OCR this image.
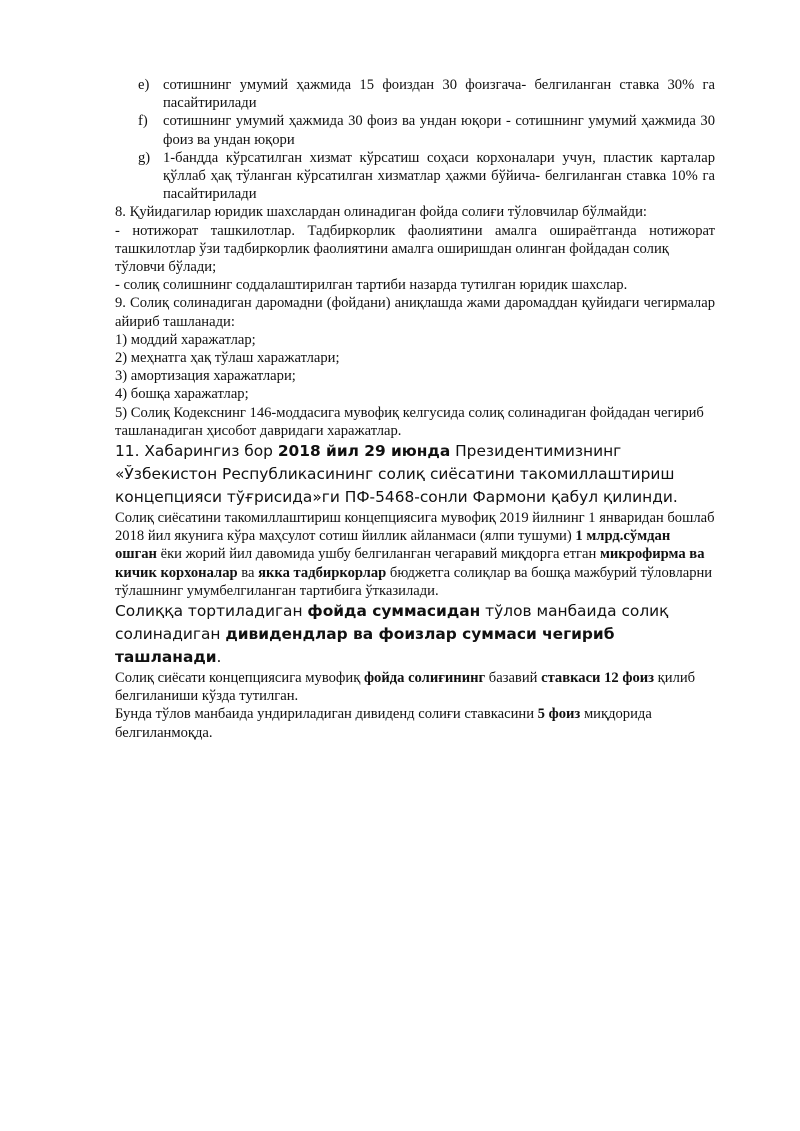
e) сотишнинг умумий ҳажмида 15 фоиздан 30 фоизгача- белгиланган ставка 30% га пасайтирилади

f) сотишнинг умумий ҳажмида 30 фоиз ва ундан юқори - сотишнинг умумий ҳажмида 30 фоиз ва ундан юқори

g) 1-бандда кўрсатилган хизмат кўрсатиш соҳаси корхоналари учун, пластик карталар қўллаб ҳақ тўланган кўрсатилган хизматлар ҳажми бўйича- белгиланган ставка 10% га пасайтирилади

8. Қуйидагилар юридик шахслардан олинадиган фойда солиғи тўловчилар бўлмайди:

- нотижорат ташкилотлар. Тадбиркорлик фаолиятини амалга ошираётганда нотижорат ташкилотлар ўзи тадбиркорлик фаолиятини амалга оширишдан олинган фойдадан солиқ

тўловчи бўлади;

- солиқ солишнинг соддалаштирилган тартиби назарда тутилган юридик шахслар.

9. Солиқ солинадиган даромадни (фойдани) аниқлашда жами даромаддан қуйидаги чегирмалар айириб ташланади:

1) моддий харажатлар;

2) меҳнатга ҳақ тўлаш харажатлари;

3) амортизация харажатлари;

4) бошқа харажатлар;

5) Солиқ Кодекснинг 146-моддасига мувофиқ келгусида солиқ солинадиган фойдадан чегириб ташланадиган ҳисобот давридаги харажатлар.

11. Хабарингиз бор 2018 йил 29 июнда Президентимизнинг «Ўзбекистон Республикасининг солиқ сиёсатини такомиллаштириш концепцияси тўғрисида»ги ПФ-5468-сонли Фармони қабул қилинди.

Солиқ сиёсатини такомиллаштириш концепциясига мувофиқ 2019 йилнинг 1 январидан бошлаб 2018 йил якунига кўра маҳсулот сотиш йиллик айланмаси (ялпи тушуми) 1 млрд.сўмдан ошган ёки жорий йил давомида ушбу белгиланган чегаравий миқдорга етган микрофирма ва кичик корхоналар ва якка тадбиркорлар бюджетга солиқлар ва бошқа мажбурий тўловларни тўлашнинг умумбелгиланган тартибига ўтказилади.

Солиққа тортиладиган фойда суммасидан тўлов манбаида солиқ солинадиган дивидендлар ва фоизлар суммаси чегириб ташланади.

Солиқ сиёсати концепциясига мувофиқ фойда солиғининг базавий ставкаси 12 фоиз қилиб белгиланиши кўзда тутилган.

Бунда тўлов манбаида ундириладиган дивиденд солиғи ставкасини 5 фоиз миқдорида белгиланмоқда.
